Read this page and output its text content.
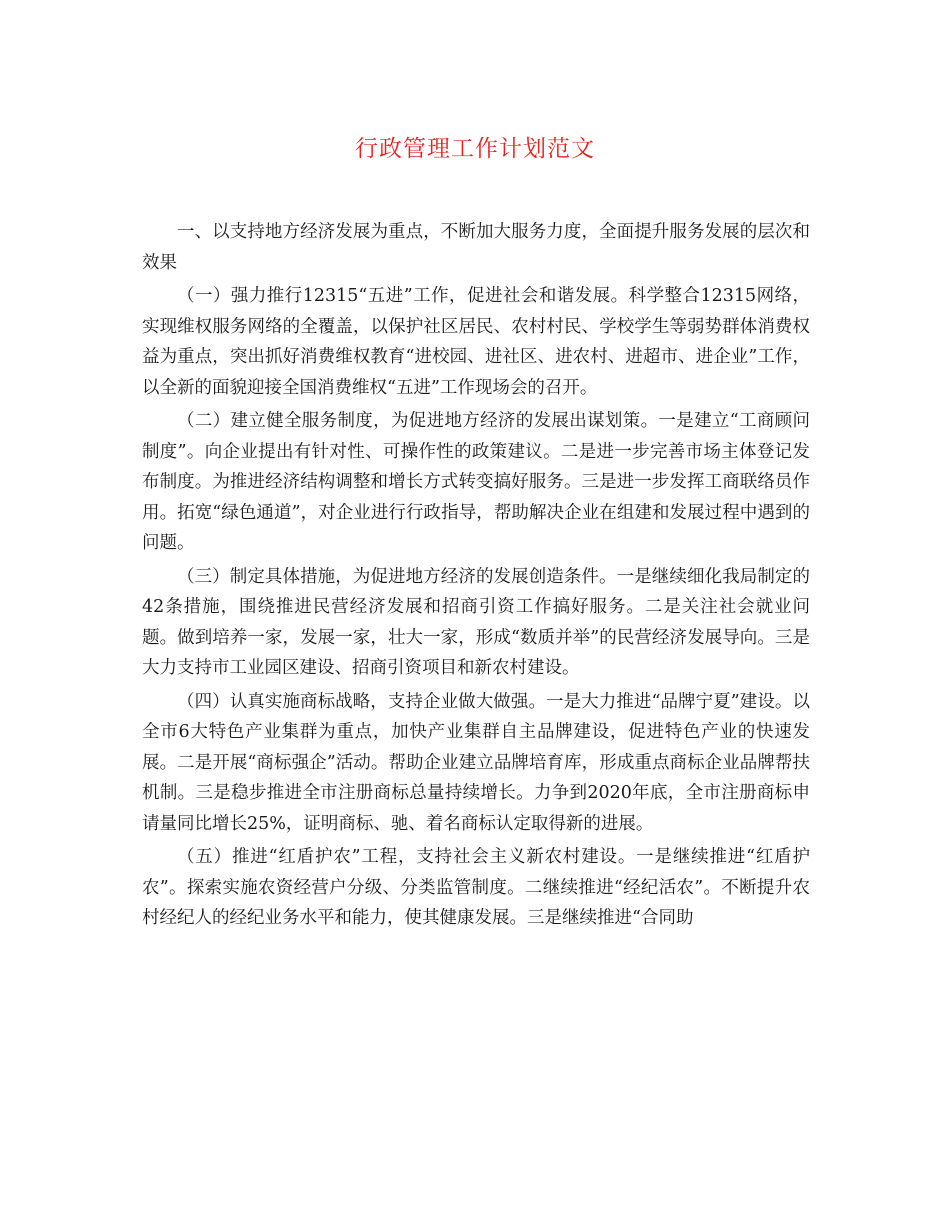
行政管理工作计划范文

一、以支持地方经济发展为重点，不断加大服务力度，全面提升服务发展的层次和效果

（一）强力推行12315“五进”工作，促进社会和谐发展。科学整合12315网络，实现维权服务网络的全覆盖，以保护社区居民、农村村民、学校学生等弱势群体消费权益为重点，突出抓好消费维权教育“进校园、进社区、进农村、进超市、进企业”工作，以全新的面貌迎接全国消费维权“五进”工作现场会的召开。

（二）建立健全服务制度，为促进地方经济的发展出谋划策。一是建立“工商顾问制度”。向企业提出有针对性、可操作性的政策建议。二是进一步完善市场主体登记发布制度。为推进经济结构调整和增长方式转变搞好服务。三是进一步发挥工商联络员作用。拓宽“绿色通道”，对企业进行行政指导，帮助解决企业在组建和发展过程中遇到的问题。

（三）制定具体措施，为促进地方经济的发展创造条件。一是继续细化我局制定的42条措施，围绕推进民营经济发展和招商引资工作搞好服务。二是关注社会就业问题。做到培养一家，发展一家，壮大一家，形成“数质并举”的民营经济发展导向。三是大力支持市工业园区建设、招商引资项目和新农村建设。

（四）认真实施商标战略，支持企业做大做强。一是大力推进“品牌宁夏”建设。以全市6大特色产业集群为重点，加快产业集群自主品牌建设，促进特色产业的快速发展。二是开展“商标强企”活动。帮助企业建立品牌培育库，形成重点商标企业品牌帮扶机制。三是稳步推进全市注册商标总量持续增长。力争到2020年底，全市注册商标申请量同比增长25%，证明商标、驰、着名商标认定取得新的进展。

（五）推进“红盾护农”工程，支持社会主义新农村建设。一是继续推进“红盾护农”。探索实施农资经营户分级、分类监管制度。二继续推进“经纪活农”。不断提升农村经纪人的经纪业务水平和能力，使其健康发展。三是继续推进“合同助
